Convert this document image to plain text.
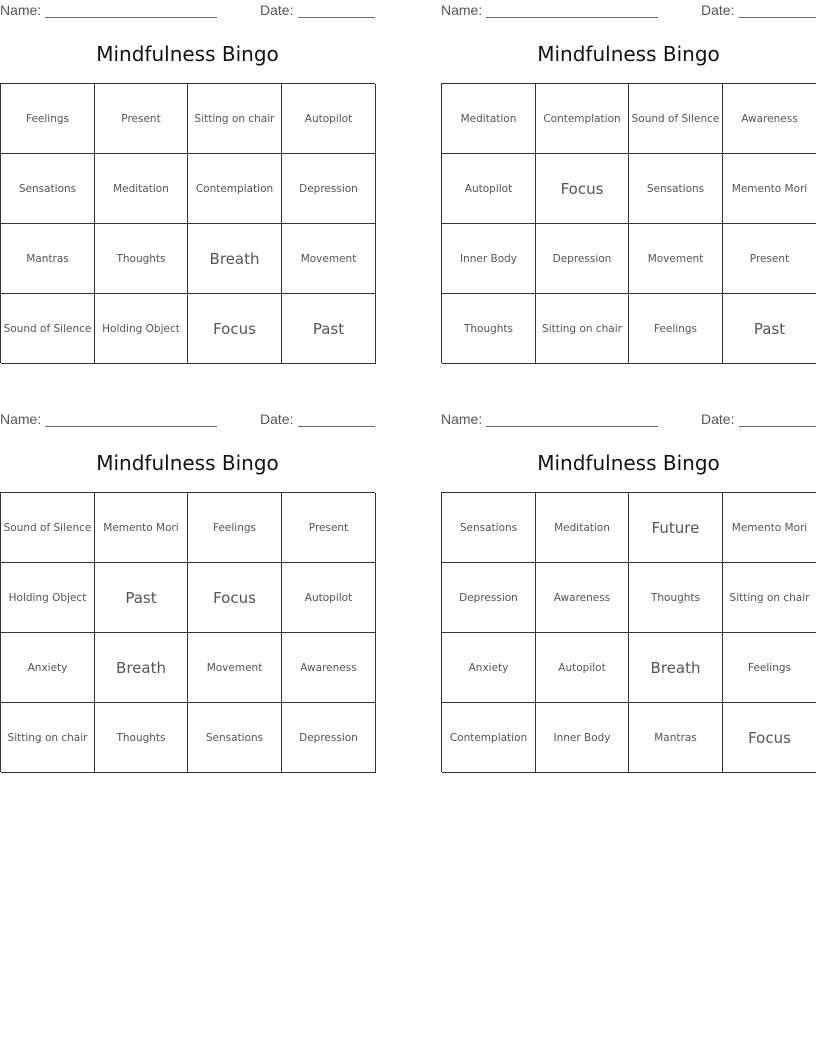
Name:	Date:
Mindfulness Bingo
Feelings	Present	Sitting on chair	Autopilot
Sensations	Meditation	Contemplation	Depression
Mantras	Thoughts	Breath	Movement
Sound of Silence	Holding Object	Focus	Past
Name:	Date:
Mindfulness Bingo
Meditation	Contemplation	Sound of Silence	Awareness
Autopilot	Focus	Sensations	Memento Mori
Inner Body	Depression	Movement	Present
Thoughts	Sitting on chair	Feelings	Past
Name:	Date:
Mindfulness Bingo
Sound of Silence	Memento Mori	Feelings	Present
Holding Object	Past	Focus	Autopilot
Anxiety	Breath	Movement	Awareness
Sitting on chair	Thoughts	Sensations	Depression
Name:	Date:
Mindfulness Bingo
Sensations	Meditation	Future	Memento Mori
Depression	Awareness	Thoughts	Sitting on chair
Anxiety	Autopilot	Breath	Feelings
Contemplation	Inner Body	Mantras	Focus
